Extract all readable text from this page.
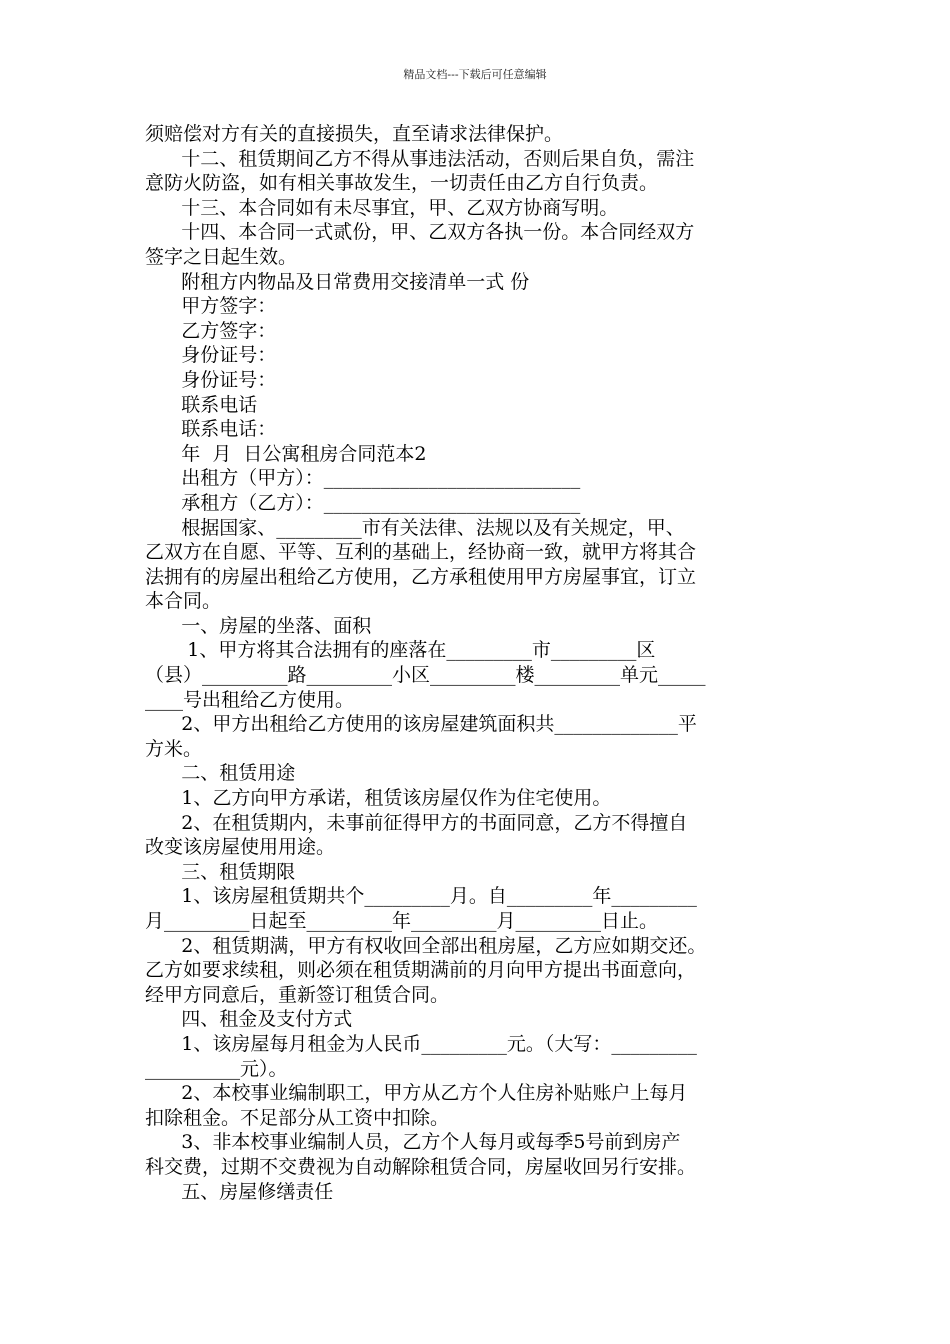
精品文档---下载后可任意编辑
须赔偿对方有关的直接损失，直至请求法律保护。
十二、租赁期间乙方不得从事违法活动，否则后果自负，需注
意防火防盗，如有相关事故发生，一切责任由乙方自行负责。
十三、本合同如有未尽事宜，甲、乙双方协商写明。
十四、本合同一式贰份，甲、乙双方各执一份。本合同经双方
签字之日起生效。
附租方内物品及日常费用交接清单一式 份
甲方签字：
乙方签字：
身份证号：
身份证号：
联系电话
联系电话：
年  月  日公寓租房合同范本2
出租方（甲方）：___________________________
承租方（乙方）：___________________________
根据国家、_________市有关法律、法规以及有关规定，甲、
乙双方在自愿、平等、互利的基础上，经协商一致，就甲方将其合
法拥有的房屋出租给乙方使用，乙方承租使用甲方房屋事宜，订立
本合同。
一、房屋的坐落、面积
1、甲方将其合法拥有的座落在_________市_________区
（县）_________路_________小区_________楼_________单元_____
____号出租给乙方使用。
2、甲方出租给乙方使用的该房屋建筑面积共_____________平
方米。
二、租赁用途
1、乙方向甲方承诺，租赁该房屋仅作为住宅使用。
2、在租赁期内，未事前征得甲方的书面同意，乙方不得擅自
改变该房屋使用用途。
三、租赁期限
1、该房屋租赁期共个_________月。自_________年_________
月_________日起至_________年_________月_________日止。
2、租赁期满，甲方有权收回全部出租房屋，乙方应如期交还。
乙方如要求续租，则必须在租赁期满前的月向甲方提出书面意向，
经甲方同意后，重新签订租赁合同。
四、租金及支付方式
1、该房屋每月租金为人民币_________元。（大写：_________
__________元）。
2、本校事业编制职工，甲方从乙方个人住房补贴账户上每月
扣除租金。不足部分从工资中扣除。
3、非本校事业编制人员，乙方个人每月或每季5号前到房产
科交费，过期不交费视为自动解除租赁合同，房屋收回另行安排。
五、房屋修缮责任
